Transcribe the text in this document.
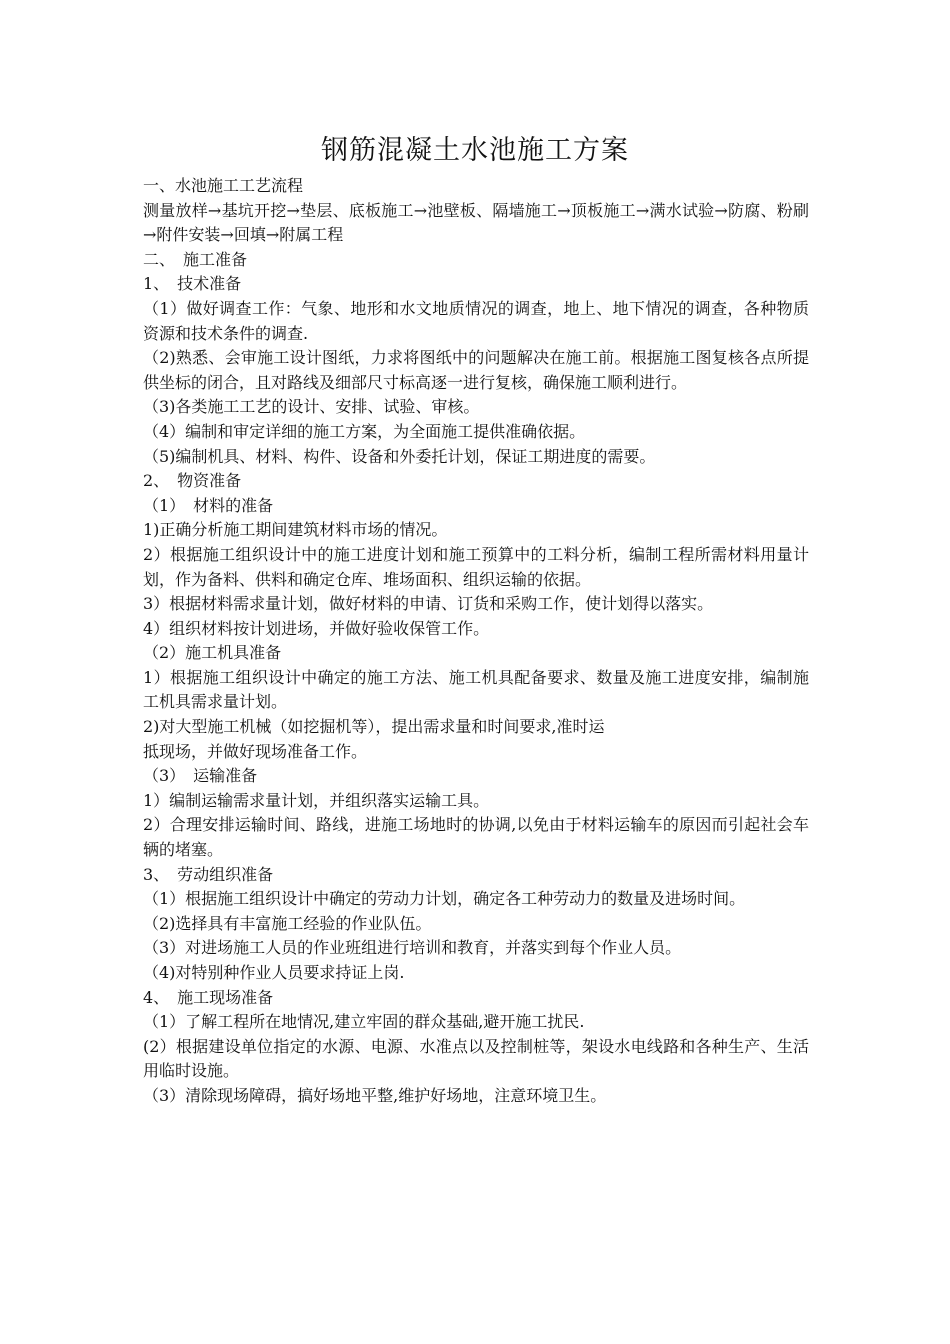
钢筋混凝土水池施工方案

一、水池施工工艺流程

测量放样→基坑开挖→垫层、底板施工→池壁板、隔墙施工→顶板施工→满水试验→防腐、粉刷→附件安装→回填→附属工程

二、　施工准备

1、　技术准备

（1）做好调查工作：气象、地形和水文地质情况的调查，地上、地下情况的调查，各种物质资源和技术条件的调查.

（2)熟悉、会审施工设计图纸，力求将图纸中的问题解决在施工前。根据施工图复核各点所提供坐标的闭合，且对路线及细部尺寸标高逐一进行复核，确保施工顺利进行。

（3)各类施工工艺的设计、安排、试验、审核。

（4）编制和审定详细的施工方案，为全面施工提供准确依据。

（5)编制机具、材料、构件、设备和外委托计划，保证工期进度的需要。

2、　物资准备

（1）　材料的准备

1)正确分析施工期间建筑材料市场的情况。

2）根据施工组织设计中的施工进度计划和施工预算中的工料分析，编制工程所需材料用量计划，作为备料、供料和确定仓库、堆场面积、组织运输的依据。

3）根据材料需求量计划，做好材料的申请、订货和采购工作，使计划得以落实。

4）组织材料按计划进场，并做好验收保管工作。

（2）施工机具准备

1）根据施工组织设计中确定的施工方法、施工机具配备要求、数量及施工进度安排，编制施工机具需求量计划。

2)对大型施工机械（如挖掘机等），提出需求量和时间要求,准时运

抵现场，并做好现场准备工作。

（3）　运输准备

1）编制运输需求量计划，并组织落实运输工具。

2）合理安排运输时间、路线，进施工场地时的协调,以免由于材料运输车的原因而引起社会车辆的堵塞。

3、　劳动组织准备

（1）根据施工组织设计中确定的劳动力计划，确定各工种劳动力的数量及进场时间。

（2)选择具有丰富施工经验的作业队伍。

（3）对进场施工人员的作业班组进行培训和教育，并落实到每个作业人员。

（4)对特别种作业人员要求持证上岗.

4、　施工现场准备

（1）了解工程所在地情况,建立牢固的群众基础,避开施工扰民.

(2）根据建设单位指定的水源、电源、水准点以及控制桩等，架设水电线路和各种生产、生活用临时设施。

（3）清除现场障碍，搞好场地平整,维护好场地，注意环境卫生。
